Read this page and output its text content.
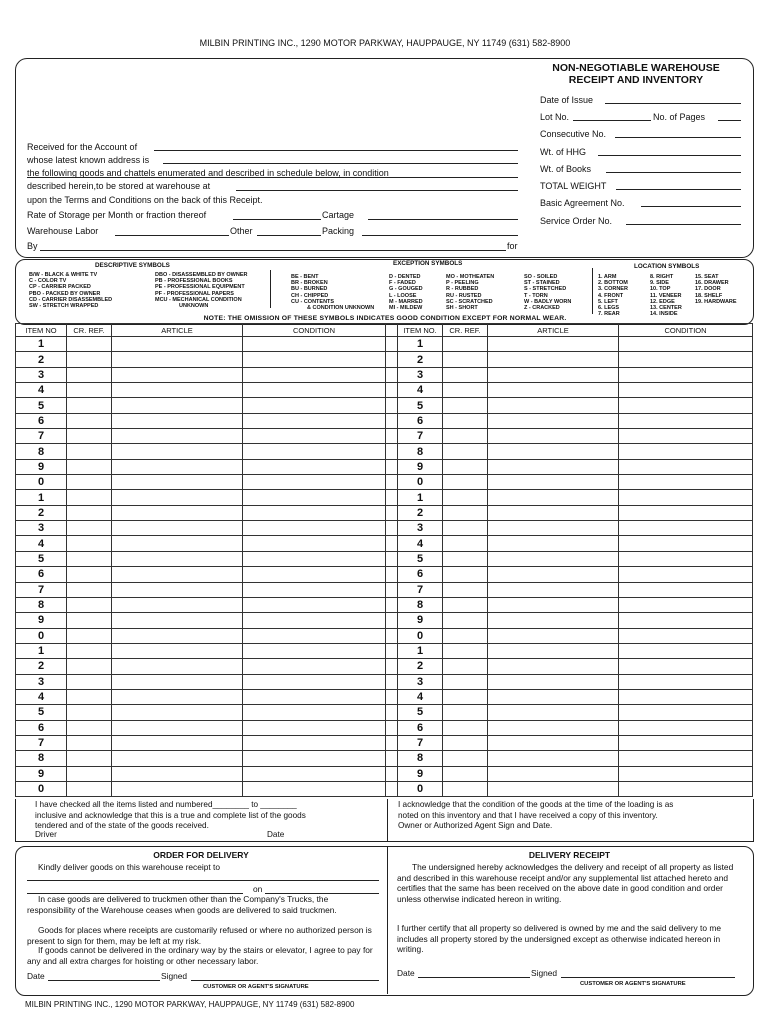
MILBIN PRINTING INC., 1290 MOTOR PARKWAY, HAUPPAUGE, NY 11749 (631) 582-8900
NON-NEGOTIABLE WAREHOUSE
RECEIPT AND INVENTORY
Date of Issue
Lot No.	No. of Pages
Consecutive No.
Wt. of HHG
Wt. of Books
TOTAL WEIGHT
Basic Agreement No.
Service Order No.
Received for the Account of
whose latest known address is
the following goods and chattels enumerated and described in schedule below, in condition
described herein,to be stored at warehouse at
upon the Terms and Conditions on the back of this Receipt.
Rate of Storage per Month or fraction thereof	Cartage
Warehouse Labor	Other	Packing
By	for
DESCRIPTIVE SYMBOLS	EXCEPTION SYMBOLS	LOCATION SYMBOLS
B/W - BLACK & WHITE TV
C - COLOR TV
CP - CARRIER PACKED
PBO - PACKED BY OWNER
CD - CARRIER DISASSEMBLED
SW - STRETCH WRAPPED
DBO - DISASSEMBLED BY OWNER
PB - PROFESSIONAL BOOKS
PE - PROFESSIONAL EQUIPMENT
PF - PROFESSIONAL PAPERS
MCU - MECHANICAL CONDITION
UNKNOWN
BE - BENT
BR - BROKEN
BU - BURNED
CH - CHIPPED
CU - CONTENTS
& CONDITION UNKNOWN
D - DENTED
F - FADED
G - GOUGED
L - LOOSE
M - MARRED
MI - MILDEW
MO - MOTHEATEN
P - PEELING
R - RUBBED
RU - RUSTED
SC - SCRATCHED
SH - SHORT
SO - SOILED
ST - STAINED
S - STRETCHED
T - TORN
W - BADLY WORN
Z - CRACKED
1. ARM
2. BOTTOM
3. CORNER
4. FRONT
5. LEFT
6. LEGS
7. REAR
8. RIGHT
9. SIDE
10. TOP
11. VENEER
12. EDGE
13. CENTER
14. INSIDE
15. SEAT
16. DRAWER
17. DOOR
18. SHELF
19. HARDWARE
NOTE: THE OMISSION OF THESE SYMBOLS INDICATES GOOD CONDITION EXCEPT FOR NORMAL WEAR.
ITEM NO	CR. REF.	ARTICLE	CONDITION		ITEM NO.	CR. REF.	ARTICLE	CONDITION
1					1			
2					2			
3					3			
4					4			
5					5			
6					6			
7					7			
8					8			
9					9			
0					0			
1					1			
2					2			
3					3			
4					4			
5					5			
6					6			
7					7			
8					8			
9					9			
0					0			
1					1			
2					2			
3					3			
4					4			
5					5			
6					6			
7					7			
8					8			
9					9			
0					0			
I have checked all the items listed and numbered________ to ________
inclusive and acknowledge that this is a true and complete list of the goods
tendered and of the state of the goods received.
Driver	Date
I acknowledge that the condition of the goods at the time of the loading is as
noted on this inventory and that I have received a copy of this inventory.
Owner or Authorized Agent Sign and Date.
ORDER FOR DELIVERY
Kindly deliver goods on this warehouse receipt to
on
In case goods are delivered to truckmen other than the Company's Trucks, the responsibility of the Warehouse ceases when goods are delivered to said truckmen.
Goods for places where receipts are customarily refused or where no authorized person is present to sign for them, may be left at my risk.
If goods cannot be delivered in the ordinary way by the stairs or elevator, I agree to pay for any and all extra charges for hoisting or other necessary labor.
Date	Signed
CUSTOMER OR AGENT'S SIGNATURE
DELIVERY RECEIPT
The undersigned hereby acknowledges the delivery and receipt of all property as listed and described in this warehouse receipt and/or any supplemental list attached hereto and certifies that the same has been received on the above date in good condition and order unless otherwise indicated hereon in writing.
I further certify that all property so delivered is owned by me and the said delivery to me includes all property stored by the undersigned except as otherwise indicated hereon in writing.
Date	Signed
CUSTOMER OR AGENT'S SIGNATURE
MILBIN PRINTING INC., 1290 MOTOR PARKWAY, HAUPPAUGE, NY 11749 (631) 582-8900
